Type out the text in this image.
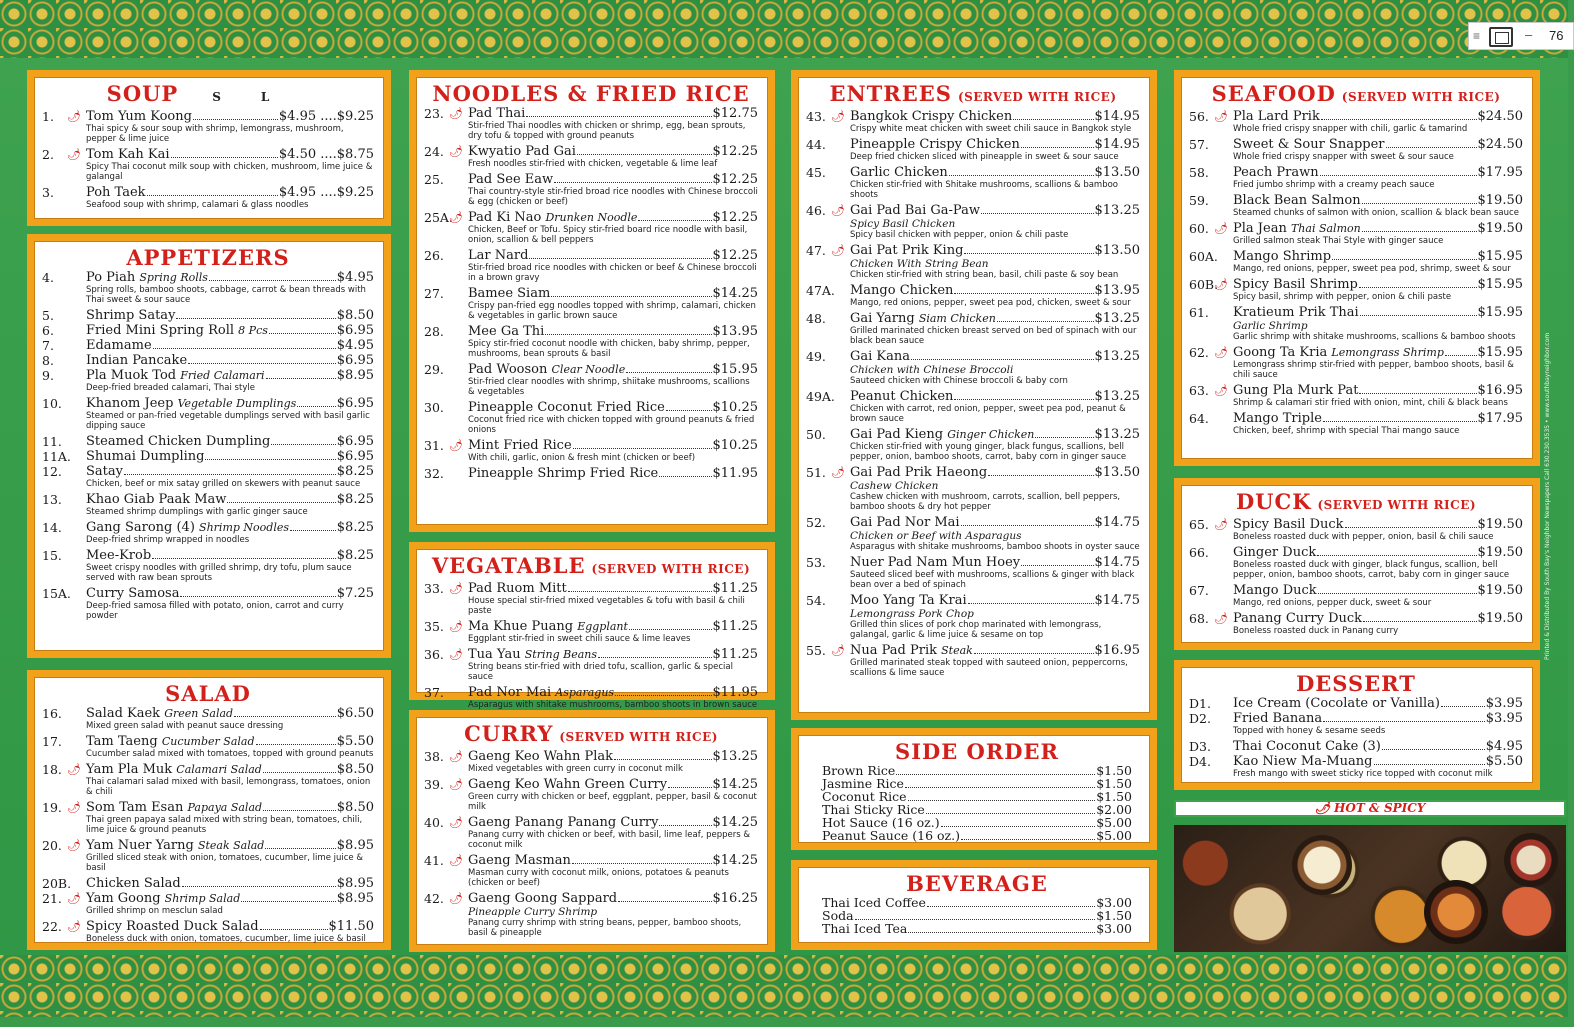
≡	– 76
Printed & Distributed By South Bay's Neighbor Newspapers Call 630.230.3535 • www.southbayneighbor.com
SOUP	S	L
1.	🌶 Tom Yum Koong	$4.95 ....$9.25
Thai spicy & sour soup with shrimp, lemongrass, mushroom, pepper & lime juice
2.	🌶 Tom Kah Kai	$4.50 ....$8.75
Spicy Thai coconut milk soup with chicken, mushroom, lime juice & galangal
3.	Poh Taek	$4.95 ....$9.25
Seafood soup with shrimp, calamari & glass noodles
APPETIZERS
4.	Po Piah Spring Rolls	$4.95
Spring rolls, bamboo shoots, cabbage, carrot & bean threads with Thai sweet & sour sauce
5.	Shrimp Satay	$8.50
6.	Fried Mini Spring Roll 8 Pcs	$6.95
7.	Edamame	$4.95
8.	Indian Pancake	$6.95
9.	Pla Muok Tod Fried Calamari	$8.95
Deep-fried breaded calamari, Thai style
10.	Khanom Jeep Vegetable Dumplings	$6.95
Steamed or pan-fried vegetable dumplings served with basil garlic dipping sauce
11.	Steamed Chicken Dumpling	$6.95
11A.	Shumai Dumpling	$6.95
12.	Satay	$8.25
Chicken, beef or mix satay grilled on skewers with peanut sauce
13.	Khao Giab Paak Maw	$8.25
Steamed shrimp dumplings with garlic ginger sauce
14.	Gang Sarong (4) Shrimp Noodles	$8.25
Deep-fried shrimp wrapped in noodles
15.	Mee-Krob	$8.25
Sweet crispy noodles with grilled shrimp, dry tofu, plum sauce served with raw bean sprouts
15A.	Curry Samosa	$7.25
Deep-fried samosa filled with potato, onion, carrot and curry powder
SALAD
16.	Salad Kaek Green Salad	$6.50
Mixed green salad with peanut sauce dressing
17.	Tam Taeng Cucumber Salad	$5.50
Cucumber salad mixed with tomatoes, topped with ground peanuts
18. 🌶 Yam Pla Muk Calamari Salad	$8.50
Thai calamari salad mixed with basil, lemongrass, tomatoes, onion & chili
19. 🌶 Som Tam Esan Papaya Salad	$8.50
Thai green papaya salad mixed with string bean, tomatoes, chili, lime juice & ground peanuts
20. 🌶 Yam Nuer Yarng Steak Salad	$8.95
Grilled sliced steak with onion, tomatoes, cucumber, lime juice & basil
20B.	Chicken Salad	$8.95
21. 🌶 Yam Goong Shrimp Salad	$8.95
Grilled shrimp on mesclun salad
22. 🌶 Spicy Roasted Duck Salad	$11.50
Boneless duck with onion, tomatoes, cucumber, lime juice & basil
NOODLES & FRIED RICE
23. 🌶 Pad Thai	$12.75
Stir-fried Thai noodles with chicken or shrimp, egg, bean sprouts, dry tofu & topped with ground peanuts
24. 🌶 Kwyatio Pad Gai	$12.25
Fresh noodles stir-fried with chicken, vegetable & lime leaf
25.	Pad See Eaw	$12.25
Thai country-style stir-fried broad rice noodles with Chinese broccoli & egg (chicken or beef)
25A.
🌶 Pad Ki Nao Drunken Noodle	$12.25
Chicken, Beef or Tofu. Spicy stir-fried board rice noodle with basil, onion, scallion & bell peppers
26.	Lar Nard	$12.25
Stir-fried broad rice noodles with chicken or beef & Chinese broccoli in a brown gravy
27.	Bamee Siam	$14.25
Crispy pan-fried egg noodles topped with shrimp, calamari, chicken & vegetables in garlic brown sauce
28.	Mee Ga Thi	$13.95
Spicy stir-fried coconut noodle with chicken, baby shrimp, pepper, mushrooms, bean sprouts & basil
29.	Pad Wooson Clear Noodle	$15.95
Stir-fried clear noodles with shrimp, shiitake mushrooms, scallions & vegetables
30.	Pineapple Coconut Fried Rice	$10.25
Coconut fried rice with chicken topped with ground peanuts & fried onions
31. 🌶 Mint Fried Rice	$10.25
With chili, garlic, onion & fresh mint (chicken or beef)
32.	Pineapple Shrimp Fried Rice	$11.95
VEGATABLE (SERVED WITH RICE)
33. 🌶 Pad Ruom Mitt	$11.25
House special stir-fried mixed vegetables & tofu with basil & chili paste
35. 🌶 Ma Khue Puang Eggplant	$11.25
Eggplant stir-fried in sweet chili sauce & lime leaves
36. 🌶 Tua Yau String Beans	$11.25
String beans stir-fried with dried tofu, scallion, garlic & special sauce
37.	Pad Nor Mai Asparagus	$11.95
Asparagus with shitake mushrooms, bamboo shoots in brown sauce
CURRY (SERVED WITH RICE)
38. 🌶 Gaeng Keo Wahn Plak	$13.25
Mixed vegetables with green curry in coconut milk
39. 🌶 Gaeng Keo Wahn Green Curry	$14.25
Green curry with chicken or beef, eggplant, pepper, basil & coconut milk
40. 🌶 Gaeng Panang Panang Curry	$14.25
Panang curry with chicken or beef, with basil, lime leaf, peppers & coconut milk
41. 🌶 Gaeng Masman	$14.25
Masman curry with coconut milk, onions, potatoes & peanuts (chicken or beef)
42. 🌶 Gaeng Goong Sappard	$16.25
Pineapple Curry Shrimp
Panang curry shrimp with string beans, pepper, bamboo shoots, basil & pineapple
ENTREES (SERVED WITH RICE)
43. 🌶 Bangkok Crispy Chicken	$14.95
Crispy white meat chicken with sweet chili sauce in Bangkok style
44.	Pineapple Crispy Chicken	$14.95
Deep fried chicken sliced with pineapple in sweet & sour sauce
45.	Garlic Chicken	$13.50
Chicken stir-fried with Shitake mushrooms, scallions & bamboo shoots
46. 🌶 Gai Pad Bai Ga-Paw	$13.25
Spicy Basil Chicken
Spicy basil chicken with pepper, onion & chili paste
47. 🌶 Gai Pat Prik King	$13.50
Chicken With String Bean
Chicken stir-fried with string bean, basil, chili paste & soy bean
47A.	Mango Chicken	$13.95
Mango, red onions, pepper, sweet pea pod, chicken, sweet & sour
48.	Gai Yarng Siam Chicken	$13.25
Grilled marinated chicken breast served on bed of spinach with our black bean sauce
49.	Gai Kana	$13.25
Chicken with Chinese Broccoli
Sauteed chicken with Chinese broccoli & baby corn
49A.	Peanut Chicken	$13.25
Chicken with carrot, red onion, pepper, sweet pea pod, peanut & brown sauce
50.	Gai Pad Kieng Ginger Chicken	$13.25
Chicken stir-fried with young ginger, black fungus, scallions, bell pepper, onion, bamboo shoots, carrot, baby corn in ginger sauce
51. 🌶 Gai Pad Prik Haeong	$13.50
Cashew Chicken
Cashew chicken with mushroom, carrots, scallion, bell peppers, bamboo shoots & dry hot pepper
52.	Gai Pad Nor Mai	$14.75
Chicken or Beef with Asparagus
Asparagus with shitake mushrooms, bamboo shoots in oyster sauce
53.	Nuer Pad Nam Mun Hoey	$14.75
Sauteed sliced beef with mushrooms, scallions & ginger with black bean over a bed of spinach
54.	Moo Yang Ta Krai	$14.75
Lemongrass Pork Chop
Grilled thin slices of pork chop marinated with lemongrass, galangal, garlic & lime juice & sesame on top
55. 🌶 Nua Pad Prik Steak	$16.95
Grilled marinated steak topped with sauteed onion, peppercorns, scallions & lime sauce
SIDE ORDER
Brown Rice	$1.50
Jasmine Rice	$1.50
Coconut Rice	$1.50
Thai Sticky Rice	$2.00
Hot Sauce (16 oz.)	$5.00
Peanut Sauce (16 oz.)	$5.00
BEVERAGE
Thai Iced Coffee	$3.00
Soda	$1.50
Thai Iced Tea	$3.00
SEAFOOD (SERVED WITH RICE)
56. 🌶 Pla Lard Prik	$24.50
Whole fried crispy snapper with chili, garlic & tamarind
57.	Sweet & Sour Snapper	$24.50
Whole fried crispy snapper with sweet & sour sauce
58.	Peach Prawn	$17.95
Fried jumbo shrimp with a creamy peach sauce
59.	Black Bean Salmon	$19.50
Steamed chunks of salmon with onion, scallion & black bean sauce
60. 🌶 Pla Jean Thai Salmon	$19.50
Grilled salmon steak Thai Style with ginger sauce
60A.	Mango Shrimp	$15.95
Mango, red onions, pepper, sweet pea pod, shrimp, sweet & sour
60B.
🌶 Spicy Basil Shrimp	$15.95
Spicy basil, shrimp with pepper, onion & chili paste
61.	Kratieum Prik Thai	$15.95
Garlic Shrimp
Garlic shrimp with shitake mushrooms, scallions & bamboo shoots
62. 🌶 Goong Ta Kria Lemongrass Shrimp	$15.95
Lemongrass shrimp stir-fried with pepper, bamboo shoots, basil & chili sauce
63. 🌶 Gung Pla Murk Pat	$16.95
Shrimp & calamari stir fried with onion, mint, chili & black beans
64.	Mango Triple	$17.95
Chicken, beef, shrimp with special Thai mango sauce
DUCK (SERVED WITH RICE)
65. 🌶 Spicy Basil Duck	$19.50
Boneless roasted duck with pepper, onion, basil & chili sauce
66.	Ginger Duck	$19.50
Boneless roasted duck with ginger, black fungus, scallion, bell pepper, onion, bamboo shoots, carrot, baby corn in ginger sauce
67.	Mango Duck	$19.50
Mango, red onions, pepper duck, sweet & sour
68. 🌶 Panang Curry Duck	$19.50
Boneless roasted duck in Panang curry
DESSERT
D1.	Ice Cream (Cocolate or Vanilla)	$3.95
D2.	Fried Banana	$3.95
Topped with honey & sesame seeds
D3.	Thai Coconut Cake (3)	$4.95
D4.	Kao Niew Ma-Muang	$5.50
Fresh mango with sweet sticky rice topped with coconut milk
🌶 HOT & SPICY
